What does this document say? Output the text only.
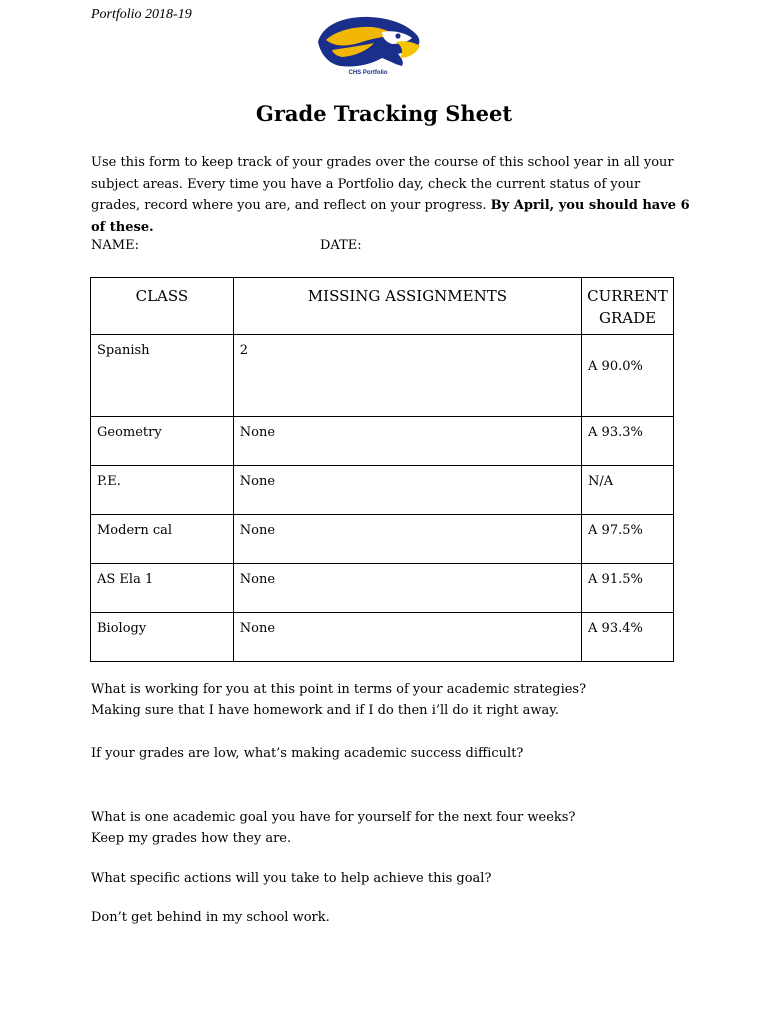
Portfolio 2018-19
CHS Portfolio
Grade Tracking Sheet
Use this form to keep track of your grades over the course of this school year in all your subject areas. Every time you have a Portfolio day, check the current status of your grades, record where you are, and reflect on your progress. By April, you should have 6 of these.
NAME:	DATE:
CLASS	MISSING ASSIGNMENTS	CURRENT
GRADE
Spanish	2	A 90.0%

Geometry	None	A 93.3%
P.E.	None	N/A
Modern cal	None	A 97.5%
AS Ela 1	None	A 91.5%
Biology	None	A 93.4%
What is working for you at this point in terms of your academic strategies?
Making sure that I have homework and if I do then i’ll do it right away.
If your grades are low, what’s making academic success difficult?
What is one academic goal you have for yourself for the next four weeks?
Keep my grades how they are.
What specific actions will you take to help achieve this goal?
Don’t get behind in my school work.
